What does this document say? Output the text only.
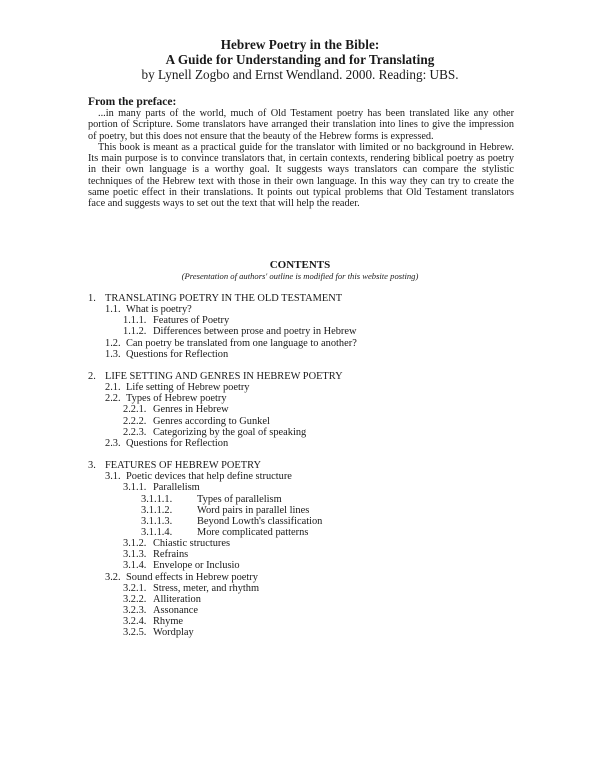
Hebrew Poetry in the Bible:
A Guide for Understanding and for Translating
by Lynell Zogbo and Ernst Wendland. 2000. Reading: UBS.
From the preface:
...in many parts of the world, much of Old Testament poetry has been translated like any other portion of Scripture. Some translators have arranged their translation into lines to give the impression of poetry, but this does not ensure that the beauty of the Hebrew forms is expressed.
This book is meant as a practical guide for the translator with limited or no background in Hebrew. Its main purpose is to convince translators that, in certain contexts, rendering biblical poetry as poetry in their own language is a worthy goal. It suggests ways translators can compare the stylistic techniques of the Hebrew text with those in their own language. In this way they can try to create the same poetic effect in their translations. It points out typical problems that Old Testament translators face and suggests ways to set out the text that will help the reader.
CONTENTS
(Presentation of authors' outline is modified for this website posting)
1. TRANSLATING POETRY IN THE OLD TESTAMENT
1.1. What is poetry?
1.1.1. Features of Poetry
1.1.2. Differences between prose and poetry in Hebrew
1.2. Can poetry be translated from one language to another?
1.3. Questions for Reflection
2. LIFE SETTING AND GENRES IN HEBREW POETRY
2.1. Life setting of Hebrew poetry
2.2. Types of Hebrew poetry
2.2.1. Genres in Hebrew
2.2.2. Genres according to Gunkel
2.2.3. Categorizing by the goal of speaking
2.3. Questions for Reflection
3. FEATURES OF HEBREW POETRY
3.1. Poetic devices that help define structure
3.1.1. Parallelism
3.1.1.1. Types of parallelism
3.1.1.2. Word pairs in parallel lines
3.1.1.3. Beyond Lowth's classification
3.1.1.4. More complicated patterns
3.1.2. Chiastic structures
3.1.3. Refrains
3.1.4. Envelope or Inclusio
3.2. Sound effects in Hebrew poetry
3.2.1. Stress, meter, and rhythm
3.2.2. Alliteration
3.2.3. Assonance
3.2.4. Rhyme
3.2.5. Wordplay
